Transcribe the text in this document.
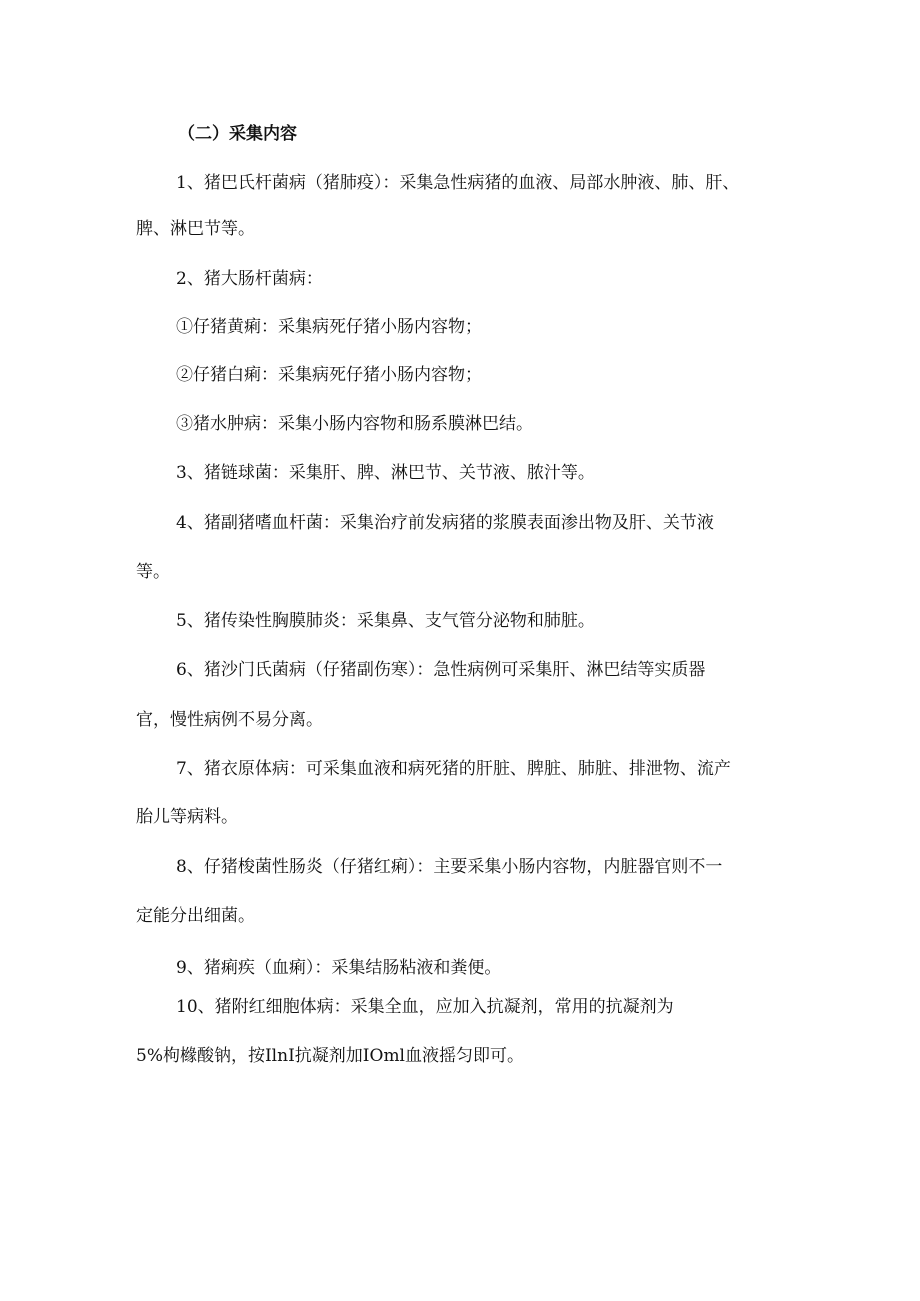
（二）采集内容
1、猪巴氏杆菌病（猪肺疫）：采集急性病猪的血液、局部水肿液、肺、肝、
脾、淋巴节等。
2、猪大肠杆菌病：
①仔猪黄痢：采集病死仔猪小肠内容物；
②仔猪白痢：采集病死仔猪小肠内容物；
③猪水肿病：采集小肠内容物和肠系膜淋巴结。
3、猪链球菌：采集肝、脾、淋巴节、关节液、脓汁等。
4、猪副猪嗜血杆菌：采集治疗前发病猪的浆膜表面渗出物及肝、关节液
等。
5、猪传染性胸膜肺炎：采集鼻、支气管分泌物和肺脏。
6、猪沙门氏菌病（仔猪副伤寒）：急性病例可采集肝、淋巴结等实质器
官，慢性病例不易分离。
7、猪衣原体病：可采集血液和病死猪的肝脏、脾脏、肺脏、排泄物、流产
胎儿等病料。
8、仔猪梭菌性肠炎（仔猪红痢）：主要采集小肠内容物，内脏器官则不一
定能分出细菌。
9、猪痢疾（血痢）：采集结肠粘液和粪便。
10、猪附红细胞体病：采集全血，应加入抗凝剂，常用的抗凝剂为
5%枸橼酸钠，按IlnI抗凝剂加IOml血液摇匀即可。
